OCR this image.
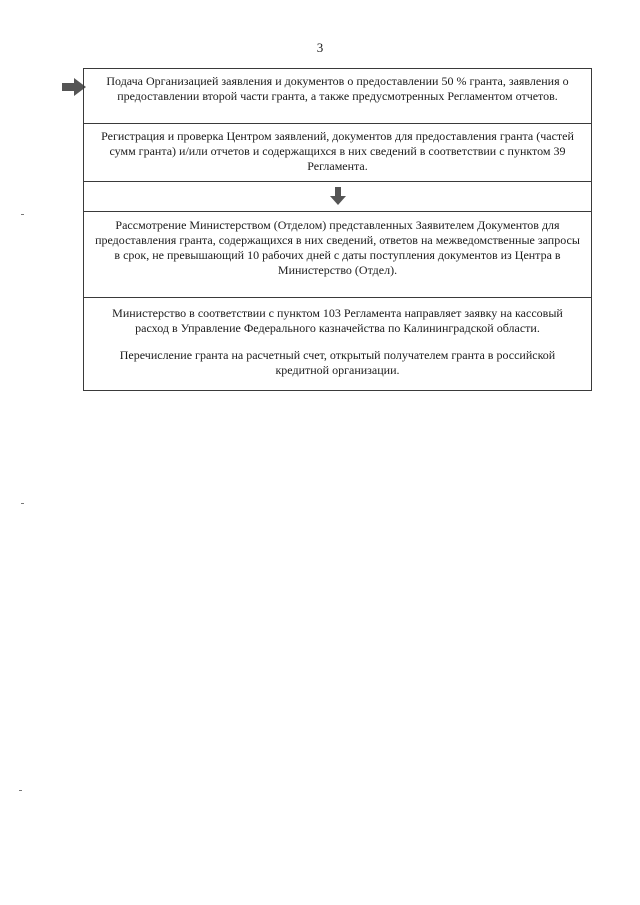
3

Подача Организацией заявления и документов о предоставлении 50 % гранта, заявления о предоставлении второй части гранта, а также предусмотренных Регламентом отчетов.

Регистрация и проверка Центром заявлений, документов для предоставления гранта (частей сумм гранта) и/или отчетов и содержащихся в них сведений в соответствии с пунктом 39 Регламента.

Рассмотрение Министерством (Отделом) представленных Заявителем Документов для предоставления гранта, содержащихся в них сведений, ответов на межведомственные запросы в срок, не превышающий 10 рабочих дней с даты поступления документов из Центра в Министерство (Отдел).

Министерство в соответствии с пунктом 103 Регламента направляет заявку на кассовый расход в Управление Федерального казначейства по Калининградской области.

Перечисление гранта на расчетный счет, открытый получателем гранта в российской кредитной организации.
